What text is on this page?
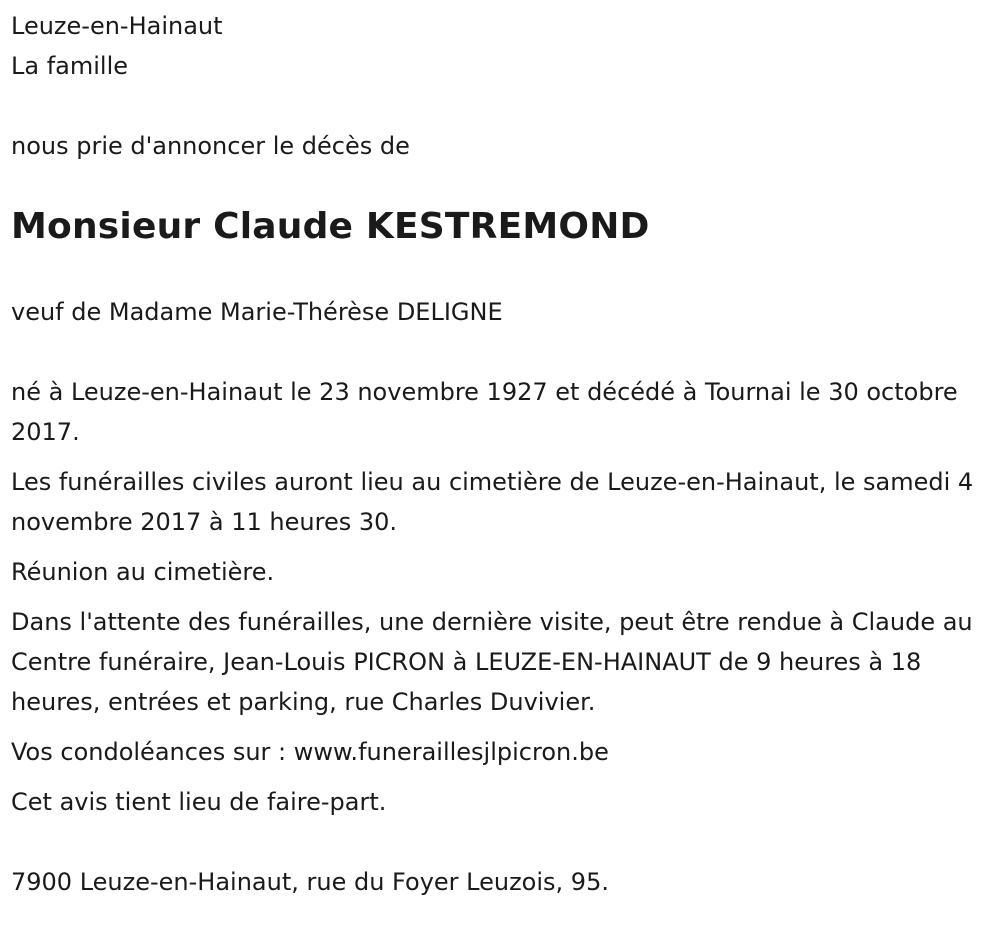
Leuze-en-Hainaut

La famille

nous prie d'annoncer le décès de

Monsieur Claude KESTREMOND

veuf de Madame Marie-Thérèse DELIGNE

né à Leuze-en-Hainaut le 23 novembre 1927 et décédé à Tournai le 30 octobre 2017.

Les funérailles civiles auront lieu au cimetière de Leuze-en-Hainaut, le samedi 4 novembre 2017 à 11 heures 30.

Réunion au cimetière.

Dans l'attente des funérailles, une dernière visite, peut être rendue à Claude au Centre funéraire, Jean-Louis PICRON à LEUZE-EN-HAINAUT de 9 heures à 18 heures, entrées et parking, rue Charles Duvivier.

Vos condoléances sur : www.funeraillesjlpicron.be

Cet avis tient lieu de faire-part.

7900 Leuze-en-Hainaut, rue du Foyer Leuzois, 95.
